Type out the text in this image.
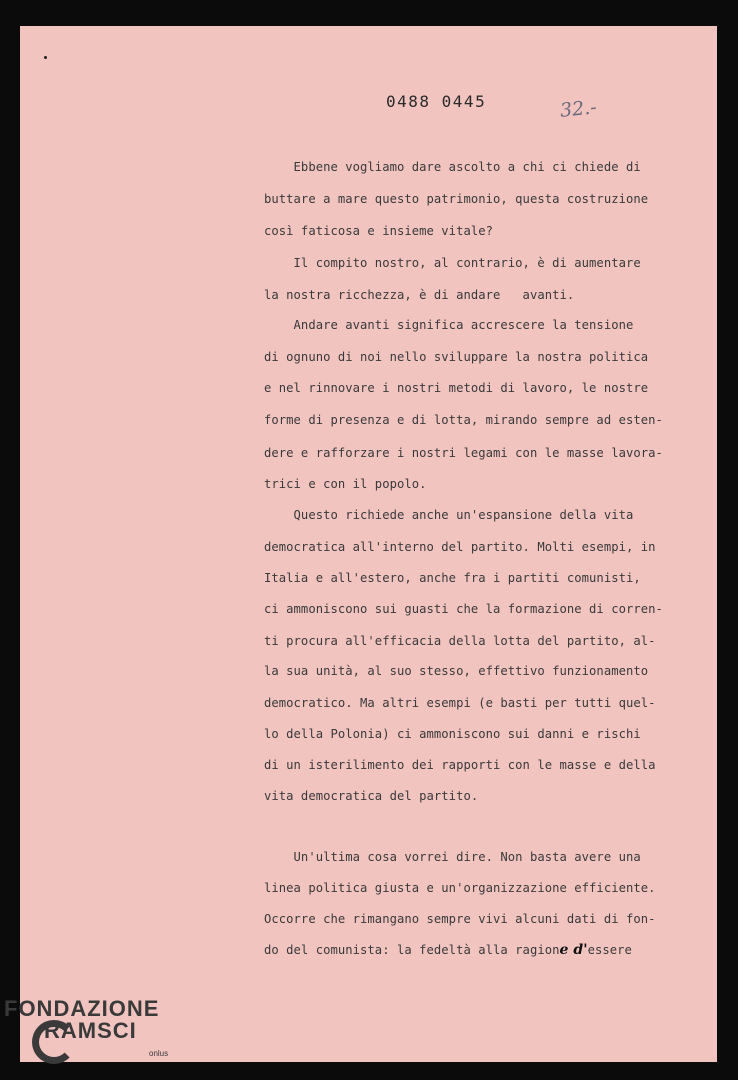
32.-
0488 0445
Ebbene vogliamo dare ascolto a chi ci chiede di
buttare a mare questo patrimonio, questa costruzione
così faticosa e insieme vitale?
Il compito nostro, al contrario, è di aumentare
la nostra ricchezza, è di andare   avanti.
Andare avanti significa accrescere la tensione
di ognuno di noi nello sviluppare la nostra politica
e nel rinnovare i nostri metodi di lavoro, le nostre
forme di presenza e di lotta, mirando sempre ad esten-
dere e rafforzare i nostri legami con le masse lavora-
trici e con il popolo.
Questo richiede anche un'espansione della vita
democratica all'interno del partito. Molti esempi, in
Italia e all'estero, anche fra i partiti comunisti,
ci ammoniscono sui guasti che la formazione di corren-
ti procura all'efficacia della lotta del partito, al-
la sua unità, al suo stesso, effettivo funzionamento
democratico. Ma altri esempi (e basti per tutti quel-
lo della Polonia) ci ammoniscono sui danni e rischi
di un isterilimento dei rapporti con le masse e della
vita democratica del partito.
Un'ultima cosa vorrei dire. Non basta avere una
linea politica giusta e un'organizzazione efficiente.
Occorre che rimangano sempre vivi alcuni dati di fon-
do del comunista: la fedeltà alla ragione d'essere
FONDAZIONE
RAMSCI
onlus
